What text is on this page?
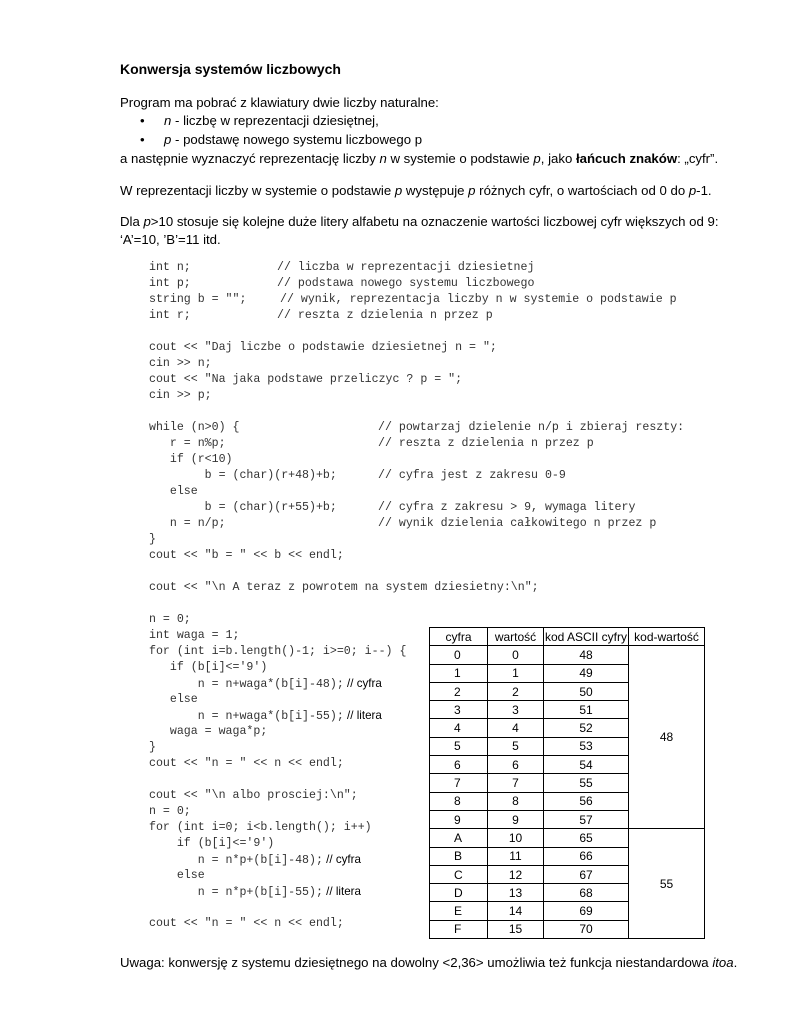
Konwersja systemów liczbowych
Program ma pobrać z klawiatury dwie liczby naturalne:
• n - liczbę w reprezentacji dziesiętnej,
• p - podstawę nowego systemu liczbowego p
a następnie wyznaczyć reprezentację liczby n w systemie o podstawie p, jako łańcuch znaków: „cyfr”.
W reprezentacji liczby w systemie o podstawie p występuje p różnych cyfr, o wartościach od 0 do p-1.
Dla p>10 stosuje się kolejne duże litery alfabetu na oznaczenie wartości liczbowej cyfr większych od 9:
‘A’=10, ’B’=11 itd.
int n;	// liczba w reprezentacji dziesietnej
int p;	// podstawa nowego systemu liczbowego
string b = "";	// wynik, reprezentacja liczby n w systemie o podstawie p
int r;	// reszta z dzielenia n przez p
cout << "Daj liczbe o podstawie dziesietnej n = ";
cin >> n;
cout << "Na jaka podstawe przeliczyc ? p = ";
cin >> p;
while (n>0) {	// powtarzaj dzielenie n/p i zbieraj reszty:
r = n%p;	// reszta z dzielenia n przez p
if (r<10)
b = (char)(r+48)+b;	// cyfra jest z zakresu 0-9
else
b = (char)(r+55)+b;	// cyfra z zakresu > 9, wymaga litery
n = n/p;	// wynik dzielenia całkowitego n przez p
}
cout << "b = " << b << endl;
cout << "\n A teraz z powrotem na system dziesietny:\n";
n = 0;
int waga = 1;
for (int i=b.length()-1; i>=0; i--) {
if (b[i]<='9')
n = n+waga*(b[i]-48); // cyfra
else
n = n+waga*(b[i]-55); // litera
waga = waga*p;
}
cout << "n = " << n << endl;
cout << "\n albo prosciej:\n";
n = 0;
for (int i=0; i<b.length(); i++)
if (b[i]<='9')
n = n*p+(b[i]-48); // cyfra
else
n = n*p+(b[i]-55); // litera
cout << "n = " << n << endl;
cyfra	wartość	kod ASCII cyfry	kod-wartość
0	0	48	48
1	1	49	
2	2	50	
3	3	51	
4	4	52	
5	5	53	
6	6	54	
7	7	55	
8	8	56	
9	9	57	
A	10	65	55
B	11	66	
C	12	67	
D	13	68	
E	14	69	
F	15	70	
Uwaga: konwersję z systemu dziesiętnego na dowolny <2,36> umożliwia też funkcja niestandardowa itoa.
